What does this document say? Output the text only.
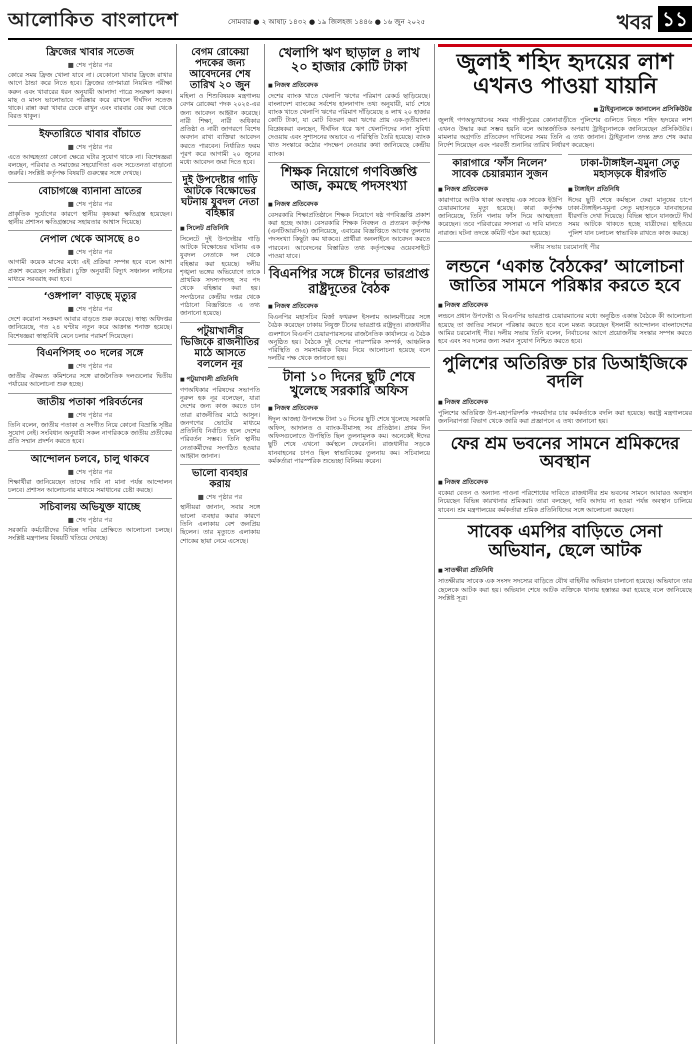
আলোকিত বাংলাদেশ	সোমবার ● ২ আষাঢ় ১৪৩২ ● ১৯ জিলহজ ১৪৪৬ ● ১৬ জুন ২০২৫	খবর ১১
ফ্রিজের খাবার সতেজ
■ শেষ পৃষ্ঠার পর

কোরে সময় ফ্রিজ খোলা যাবে না। যেকোনো খাবার ফ্রিজে রাখার আগে ঠান্ডা করে নিতে হবে। ফ্রিজের তাপমাত্রা নিয়মিত পরীক্ষা করুন এবং খাবারের ধরন অনুযায়ী আলাদা পাত্রে সংরক্ষণ করুন। মাছ ও মাংস ভালোভাবে পরিষ্কার করে রাখলে দীর্ঘদিন সতেজ থাকে। রান্না করা খাবার ঢেকে রাখুন এবং বারবার বের করা থেকে বিরত থাকুন।

ইফতারিতে খাবার বাঁচাতে
■ শেষ পৃষ্ঠার পর

এতে আত্মহত্যা কোনো ক্ষেত্রে ঘটার সুযোগ থাকে না। বিশেষজ্ঞরা বলছেন, পরিবার ও সমাজের সহযোগিতা এবং সচেতনতা বাড়ানো জরুরি। সংশ্লিষ্ট কর্তৃপক্ষ বিষয়টি গুরুত্বের সঙ্গে দেখছে।

বোচাগঞ্জে ব্যানানা ভ্রাতের
■ শেষ পৃষ্ঠার পর

প্রাকৃতিক দুর্যোগের কারণে স্থানীয় কৃষকরা ক্ষতিগ্রস্ত হয়েছেন। স্থানীয় প্রশাসন ক্ষতিগ্রস্তদের সহায়তার আশ্বাস দিয়েছে।

নেপাল থেকে আসছে ৪০
■ শেষ পৃষ্ঠার পর

আগামী কয়েক মাসের মধ্যে এই প্রক্রিয়া সম্পন্ন হবে বলে আশা প্রকাশ করেছেন সংশ্লিষ্টরা। চুক্তি অনুযায়ী বিদ্যুৎ সঞ্চালন লাইনের মাধ্যমে সরবরাহ করা হবে।

‘ওঙ্গপাল’ বাড়ছে মৃত্যুর
■ শেষ পৃষ্ঠার পর

দেশে করোনা সংক্রমণ আবার বাড়তে শুরু করেছে। স্বাস্থ্য অধিদপ্তর জানিয়েছে, গত ২৪ ঘণ্টায় নতুন করে আক্রান্ত শনাক্ত হয়েছে। বিশেষজ্ঞরা স্বাস্থ্যবিধি মেনে চলার পরামর্শ দিয়েছেন।

বিএনপিসহ ৩০ দলের সঙ্গে
■ শেষ পৃষ্ঠার পর

জাতীয় ঐকমত্য কমিশনের সঙ্গে রাজনৈতিক দলগুলোর দ্বিতীয় পর্যায়ের আলোচনা শুরু হচ্ছে।

জাতীয় পতাকা পরিবর্তনের
■ শেষ পৃষ্ঠার পর

তিনি বলেন, জাতীয় পতাকা ও সংগীত নিয়ে কোনো বিভ্রান্তি সৃষ্টির সুযোগ নেই। সংবিধান অনুযায়ী সকল নাগরিককে জাতীয় প্রতীকের প্রতি সম্মান প্রদর্শন করতে হবে।

আন্দোলন চলবে, চালু থাকবে
■ শেষ পৃষ্ঠার পর

শিক্ষার্থীরা জানিয়েছেন তাদের দাবি না মানা পর্যন্ত আন্দোলন চলবে। প্রশাসন আলোচনার মাধ্যমে সমাধানের চেষ্টা করছে।

সচিবালয় অভিযুক্ত যাচ্ছে
■ শেষ পৃষ্ঠার পর

সরকারি কর্মচারীদের বিভিন্ন দাবির প্রেক্ষিতে আলোচনা চলছে। সংশ্লিষ্ট মন্ত্রণালয় বিষয়টি খতিয়ে দেখছে।

বেগম রোকেয়া পদকের জন্য আবেদনের শেষ তারিখ ২০ জুন

মহিলা ও শিশুবিষয়ক মন্ত্রণালয় বেগম রোকেয়া পদক ২০২৫-এর জন্য আবেদন আহ্বান করেছে। নারী শিক্ষা, নারী অধিকার প্রতিষ্ঠা ও নারী জাগরণে বিশেষ অবদান রাখা ব্যক্তিরা আবেদন করতে পারবেন। নির্ধারিত ফরম পূরণ করে আগামী ২০ জুনের মধ্যে আবেদন জমা দিতে হবে।

দুই উপদেষ্টার গাড়ি আটকে বিক্ষোভের ঘটনায় যুবদল নেতা বহিষ্কার
■ সিলেট প্রতিনিধি

সিলেটে দুই উপদেষ্টার গাড়ি আটকে বিক্ষোভের ঘটনায় এক যুবদল নেতাকে দল থেকে বহিষ্কার করা হয়েছে। দলীয় শৃঙ্খলা ভঙ্গের অভিযোগে তাকে প্রাথমিক সদস্যপদসহ সব পদ থেকে বহিষ্কার করা হয়। সংগঠনের কেন্দ্রীয় দপ্তর থেকে পাঠানো বিজ্ঞপ্তিতে এ তথ্য জানানো হয়েছে।

পটুয়াখালীর ভিজিকে রাজনীতির মাঠে আসতে বললেন নূর
■ পটুয়াখালী প্রতিনিধি

গণঅধিকার পরিষদের সভাপতি নুরুল হক নূর বলেছেন, যারা দেশের জন্য কাজ করতে চান তারা রাজনীতির মাঠে আসুন। জনগণের ভোটের মাধ্যমে প্রতিনিধি নির্বাচিত হলে দেশের পরিবর্তন সম্ভব। তিনি স্থানীয় নেতাকর্মীদের সংগঠিত হওয়ার আহ্বান জানান।

ভালো ব্যবহার করায়
■ শেষ পৃষ্ঠার পর

স্থানীয়রা জানান, সবার সঙ্গে ভালো ব্যবহার করার কারণে তিনি এলাকায় বেশ জনপ্রিয় ছিলেন। তার মৃত্যুতে এলাকায় শোকের ছায়া নেমে এসেছে।

খেলাপি ঋণ ছাড়াল ৪ লাখ ২০ হাজার কোটি টাকা
■ নিজস্ব প্রতিবেদক

দেশের ব্যাংক খাতে খেলাপি ঋণের পরিমাণ রেকর্ড ছাড়িয়েছে। বাংলাদেশ ব্যাংকের সর্বশেষ হালনাগাদ তথ্য অনুযায়ী, মার্চ শেষে ব্যাংক খাতে খেলাপি ঋণের পরিমাণ দাঁড়িয়েছে ৪ লাখ ২০ হাজার কোটি টাকা, যা মোট বিতরণ করা ঋণের প্রায় এক-তৃতীয়াংশ। বিশ্লেষকরা বলছেন, দীর্ঘদিন ধরে ঋণ খেলাপিদের নানা সুবিধা দেওয়ায় এবং সুশাসনের অভাবে এ পরিস্থিতি তৈরি হয়েছে। ব্যাংক খাত সংস্কারে কঠোর পদক্ষেপ নেওয়ার কথা জানিয়েছে কেন্দ্রীয় ব্যাংক।

শিক্ষক নিয়োগে গণবিজ্ঞপ্তি আজ, কমছে পদসংখ্যা
■ নিজস্ব প্রতিবেদক

বেসরকারি শিক্ষাপ্রতিষ্ঠানে শিক্ষক নিয়োগে ষষ্ঠ গণবিজ্ঞপ্তি প্রকাশ করা হচ্ছে আজ। বেসরকারি শিক্ষক নিবন্ধন ও প্রত্যয়ন কর্তৃপক্ষ (এনটিআরসিএ) জানিয়েছে, এবারের বিজ্ঞপ্তিতে আগের তুলনায় পদসংখ্যা কিছুটা কম থাকবে। প্রার্থীরা অনলাইনে আবেদন করতে পারবেন। আবেদনের বিস্তারিত তথ্য কর্তৃপক্ষের ওয়েবসাইটে পাওয়া যাবে।

বিএনপির সঙ্গে চীনের ভারপ্রাপ্ত রাষ্ট্রদূতের বৈঠক
■ নিজস্ব প্রতিবেদক

বিএনপির মহাসচিব মির্জা ফখরুল ইসলাম আলমগীরের সঙ্গে বৈঠক করেছেন ঢাকায় নিযুক্ত চীনের ভারপ্রাপ্ত রাষ্ট্রদূত। রাজধানীর গুলশানে বিএনপি চেয়ারপারসনের রাজনৈতিক কার্যালয়ে এ বৈঠক অনুষ্ঠিত হয়। বৈঠকে দুই দেশের পারস্পরিক সম্পর্ক, আঞ্চলিক পরিস্থিতি ও সমসাময়িক বিষয় নিয়ে আলোচনা হয়েছে বলে দলটির পক্ষ থেকে জানানো হয়।

টানা ১০ দিনের ছুটি শেষে খুলেছে সরকারি অফিস
■ নিজস্ব প্রতিবেদক

ঈদুল আজহা উপলক্ষে টানা ১০ দিনের ছুটি শেষে খুলেছে সরকারি অফিস, আদালত ও ব্যাংক-বীমাসহ সব প্রতিষ্ঠান। প্রথম দিন অফিসগুলোতে উপস্থিতি ছিল তুলনামূলক কম। অনেকেই ঈদের ছুটি শেষে এখনো কর্মস্থলে ফেরেননি। রাজধানীর সড়কে যানবাহনের চাপও ছিল স্বাভাবিকের তুলনায় কম। সচিবালয়ে কর্মকর্তারা পারস্পরিক শুভেচ্ছা বিনিময় করেন।

জুলাই শহিদ হৃদয়ের লাশ এখনও পাওয়া যায়নি
■ ট্রাইব্যুনালকে জানালেন প্রসিকিউটর

জুলাই গণঅভ্যুত্থানের সময় গাজীপুরের কোনাবাড়ীতে পুলিশের গুলিতে নিহত শহিদ হৃদয়ের লাশ এখনও উদ্ধার করা সম্ভব হয়নি বলে আন্তর্জাতিক অপরাধ ট্রাইব্যুনালকে জানিয়েছেন প্রসিকিউটর। মামলার অগ্রগতি প্রতিবেদন দাখিলের সময় তিনি এ তথ্য জানান। ট্রাইব্যুনাল তদন্ত দ্রুত শেষ করার নির্দেশ দিয়েছেন এবং পরবর্তী শুনানির তারিখ নির্ধারণ করেছেন।

কারাগারে ‘ফাঁস নিলেন’ সাবেক চেয়ারম্যান সুজন
■ নিজস্ব প্রতিবেদক

কারাগারে আটক থাকা অবস্থায় এক সাবেক ইউপি চেয়ারম্যানের মৃত্যু হয়েছে। কারা কর্তৃপক্ষ জানিয়েছে, তিনি গলায় ফাঁস দিয়ে আত্মহত্যা করেছেন। তবে পরিবারের সদস্যরা এ দাবি মানতে নারাজ। ঘটনা তদন্তে কমিটি গঠন করা হয়েছে।

ঢাকা-টাঙ্গাইল-যমুনা সেতু মহাসড়কে ধীরগতি
■ টাঙ্গাইল প্রতিনিধি

ঈদের ছুটি শেষে কর্মস্থলে ফেরা মানুষের চাপে ঢাকা-টাঙ্গাইল-যমুনা সেতু মহাসড়কে যানবাহনের ধীরগতি দেখা দিয়েছে। বিভিন্ন স্থানে যানজটে দীর্ঘ সময় আটকে থাকতে হচ্ছে যাত্রীদের। হাইওয়ে পুলিশ যান চলাচল স্বাভাবিক রাখতে কাজ করছে।

দলীয় সভায় চরমোনাই পীর
লন্ডনে ‘একান্ত বৈঠকের’ আলোচনা জাতির সামনে পরিষ্কার করতে হবে
■ নিজস্ব প্রতিবেদক

লন্ডনে প্রধান উপদেষ্টা ও বিএনপির ভারপ্রাপ্ত চেয়ারম্যানের মধ্যে অনুষ্ঠিত একান্ত বৈঠকে কী আলোচনা হয়েছে তা জাতির সামনে পরিষ্কার করতে হবে বলে মন্তব্য করেছেন ইসলামী আন্দোলন বাংলাদেশের আমির চরমোনাই পীর। দলীয় সভায় তিনি বলেন, নির্বাচনের আগে প্রয়োজনীয় সংস্কার সম্পন্ন করতে হবে এবং সব দলের জন্য সমান সুযোগ নিশ্চিত করতে হবে।

পুলিশের অতিরিক্ত চার ডিআইজিকে বদলি
■ নিজস্ব প্রতিবেদক

পুলিশের অতিরিক্ত উপ-মহাপরিদর্শক পদমর্যাদার চার কর্মকর্তাকে বদলি করা হয়েছে। স্বরাষ্ট্র মন্ত্রণালয়ের জননিরাপত্তা বিভাগ থেকে জারি করা প্রজ্ঞাপনে এ তথ্য জানানো হয়।

ফের শ্রম ভবনের সামনে শ্রমিকদের অবস্থান
■ নিজস্ব প্রতিবেদক

বকেয়া বেতন ও অন্যান্য পাওনা পরিশোধের দাবিতে রাজধানীর শ্রম ভবনের সামনে আবারও অবস্থান নিয়েছেন বিভিন্ন কারখানার শ্রমিকরা। তারা বলছেন, দাবি আদায় না হওয়া পর্যন্ত অবস্থান চালিয়ে যাবেন। শ্রম মন্ত্রণালয়ের কর্মকর্তারা শ্রমিক প্রতিনিধিদের সঙ্গে আলোচনা করছেন।

সাবেক এমপির বাড়িতে সেনা অভিযান, ছেলে আটক
■ সাতক্ষীরা প্রতিনিধি

সাতক্ষীরায় সাবেক এক সংসদ সদস্যের বাড়িতে যৌথ বাহিনীর অভিযান চালানো হয়েছে। অভিযানে তার ছেলেকে আটক করা হয়। অভিযান শেষে আটক ব্যক্তিকে থানায় হস্তান্তর করা হয়েছে বলে জানিয়েছে সংশ্লিষ্ট সূত্র।
